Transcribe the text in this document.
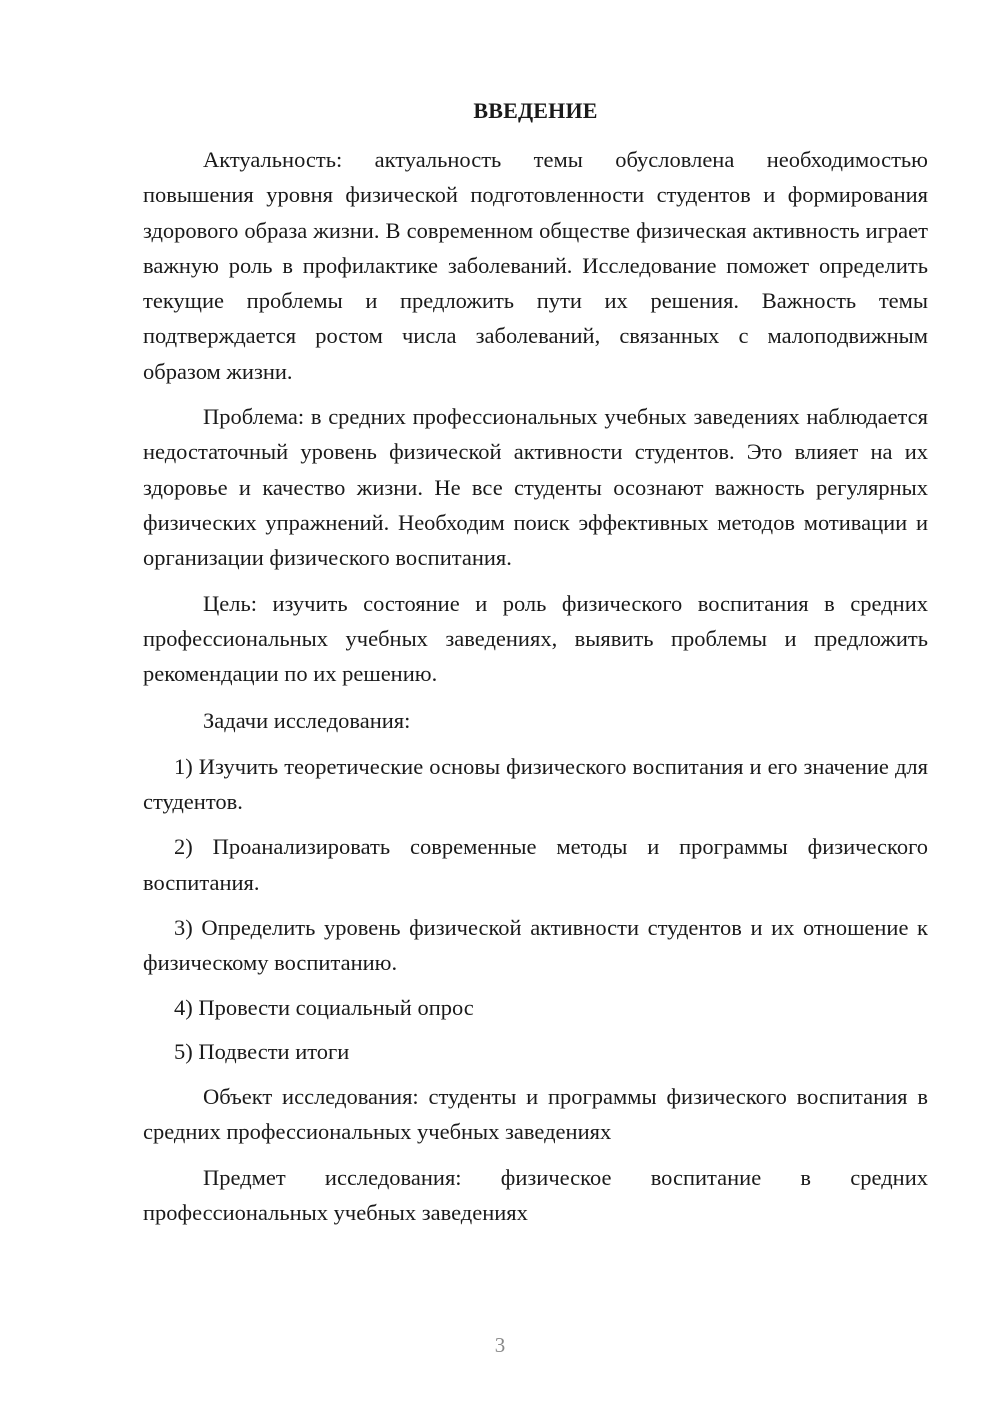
ВВЕДЕНИЕ

Актуальность: актуальность темы обусловлена необходимостью повышения уровня физической подготовленности студентов и формирования здорового образа жизни. В современном обществе физическая активность играет важную роль в профилактике заболеваний. Исследование поможет определить текущие проблемы и предложить пути их решения. Важность темы подтверждается ростом числа заболеваний, связанных с малоподвижным образом жизни.

Проблема: в средних профессиональных учебных заведениях наблюдается недостаточный уровень физической активности студентов. Это влияет на их здоровье и качество жизни. Не все студенты осознают важность регулярных физических упражнений. Необходим поиск эффективных методов мотивации и организации физического воспитания.

Цель: изучить состояние и роль физического воспитания в средних профессиональных учебных заведениях, выявить проблемы и предложить рекомендации по их решению.

Задачи исследования:

1) Изучить теоретические основы физического воспитания и его значение для студентов.

2) Проанализировать современные методы и программы физического воспитания.

3) Определить уровень физической активности студентов и их отношение к физическому воспитанию.

4) Провести социальный опрос

5) Подвести итоги

Объект исследования: студенты и программы физического воспитания в средних профессиональных учебных заведениях

Предмет исследования: физическое воспитание в средних профессиональных учебных заведениях

3
